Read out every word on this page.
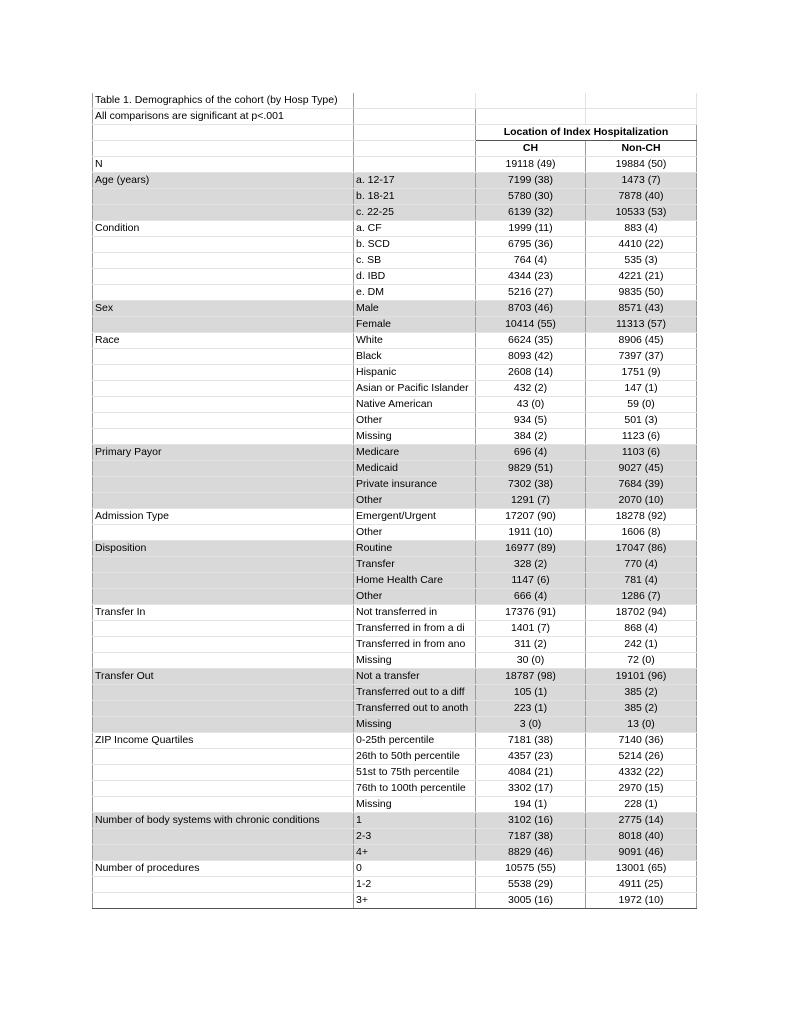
Table 1. Demographics of the cohort (by Hosp Type)			
All comparisons are significant at p<.001			
		Location of Index Hospitalization	
		CH	Non-CH
N		19118 (49)	19884 (50)
Age (years)	a. 12-17	7199 (38)	1473 (7)
	b. 18-21	5780 (30)	7878 (40)
	c. 22-25	6139 (32)	10533 (53)
Condition	a. CF	1999 (11)	883 (4)
	b. SCD	6795 (36)	4410 (22)
	c. SB	764 (4)	535 (3)
	d. IBD	4344 (23)	4221 (21)
	e. DM	5216 (27)	9835 (50)
Sex	Male	8703 (46)	8571 (43)
	Female	10414 (55)	11313 (57)
Race	White	6624 (35)	8906 (45)
	Black	8093 (42)	7397 (37)
	Hispanic	2608 (14)	1751 (9)
	Asian or Pacific Islander	432 (2)	147 (1)
	Native American	43 (0)	59 (0)
	Other	934 (5)	501 (3)
	Missing	384 (2)	1123 (6)
Primary Payor	Medicare	696 (4)	1103 (6)
	Medicaid	9829 (51)	9027 (45)
	Private insurance	7302 (38)	7684 (39)
	Other	1291 (7)	2070 (10)
Admission Type	Emergent/Urgent	17207 (90)	18278 (92)
	Other	1911 (10)	1606 (8)
Disposition	Routine	16977 (89)	17047 (86)
	Transfer	328 (2)	770 (4)
	Home Health Care	1147 (6)	781 (4)
	Other	666 (4)	1286 (7)
Transfer In	Not transferred in	17376 (91)	18702 (94)
	Transferred in from a di	1401 (7)	868 (4)
	Transferred in from ano	311 (2)	242 (1)
	Missing	30 (0)	72 (0)
Transfer Out	Not a transfer	18787 (98)	19101 (96)
	Transferred out to a diff	105 (1)	385 (2)
	Transferred out to anoth	223 (1)	385 (2)
	Missing	3 (0)	13 (0)
ZIP Income Quartiles	0-25th percentile	7181 (38)	7140 (36)
	26th to 50th percentile	4357 (23)	5214 (26)
	51st to 75th percentile	4084 (21)	4332 (22)
	76th to 100th percentile	3302 (17)	2970 (15)
	Missing	194 (1)	228 (1)
Number of body systems with chronic conditions	1	3102 (16)	2775 (14)
	2-3	7187 (38)	8018 (40)
	4+	8829 (46)	9091 (46)
Number of procedures	0	10575 (55)	13001 (65)
	1-2	5538 (29)	4911 (25)
	3+	3005 (16)	1972 (10)
